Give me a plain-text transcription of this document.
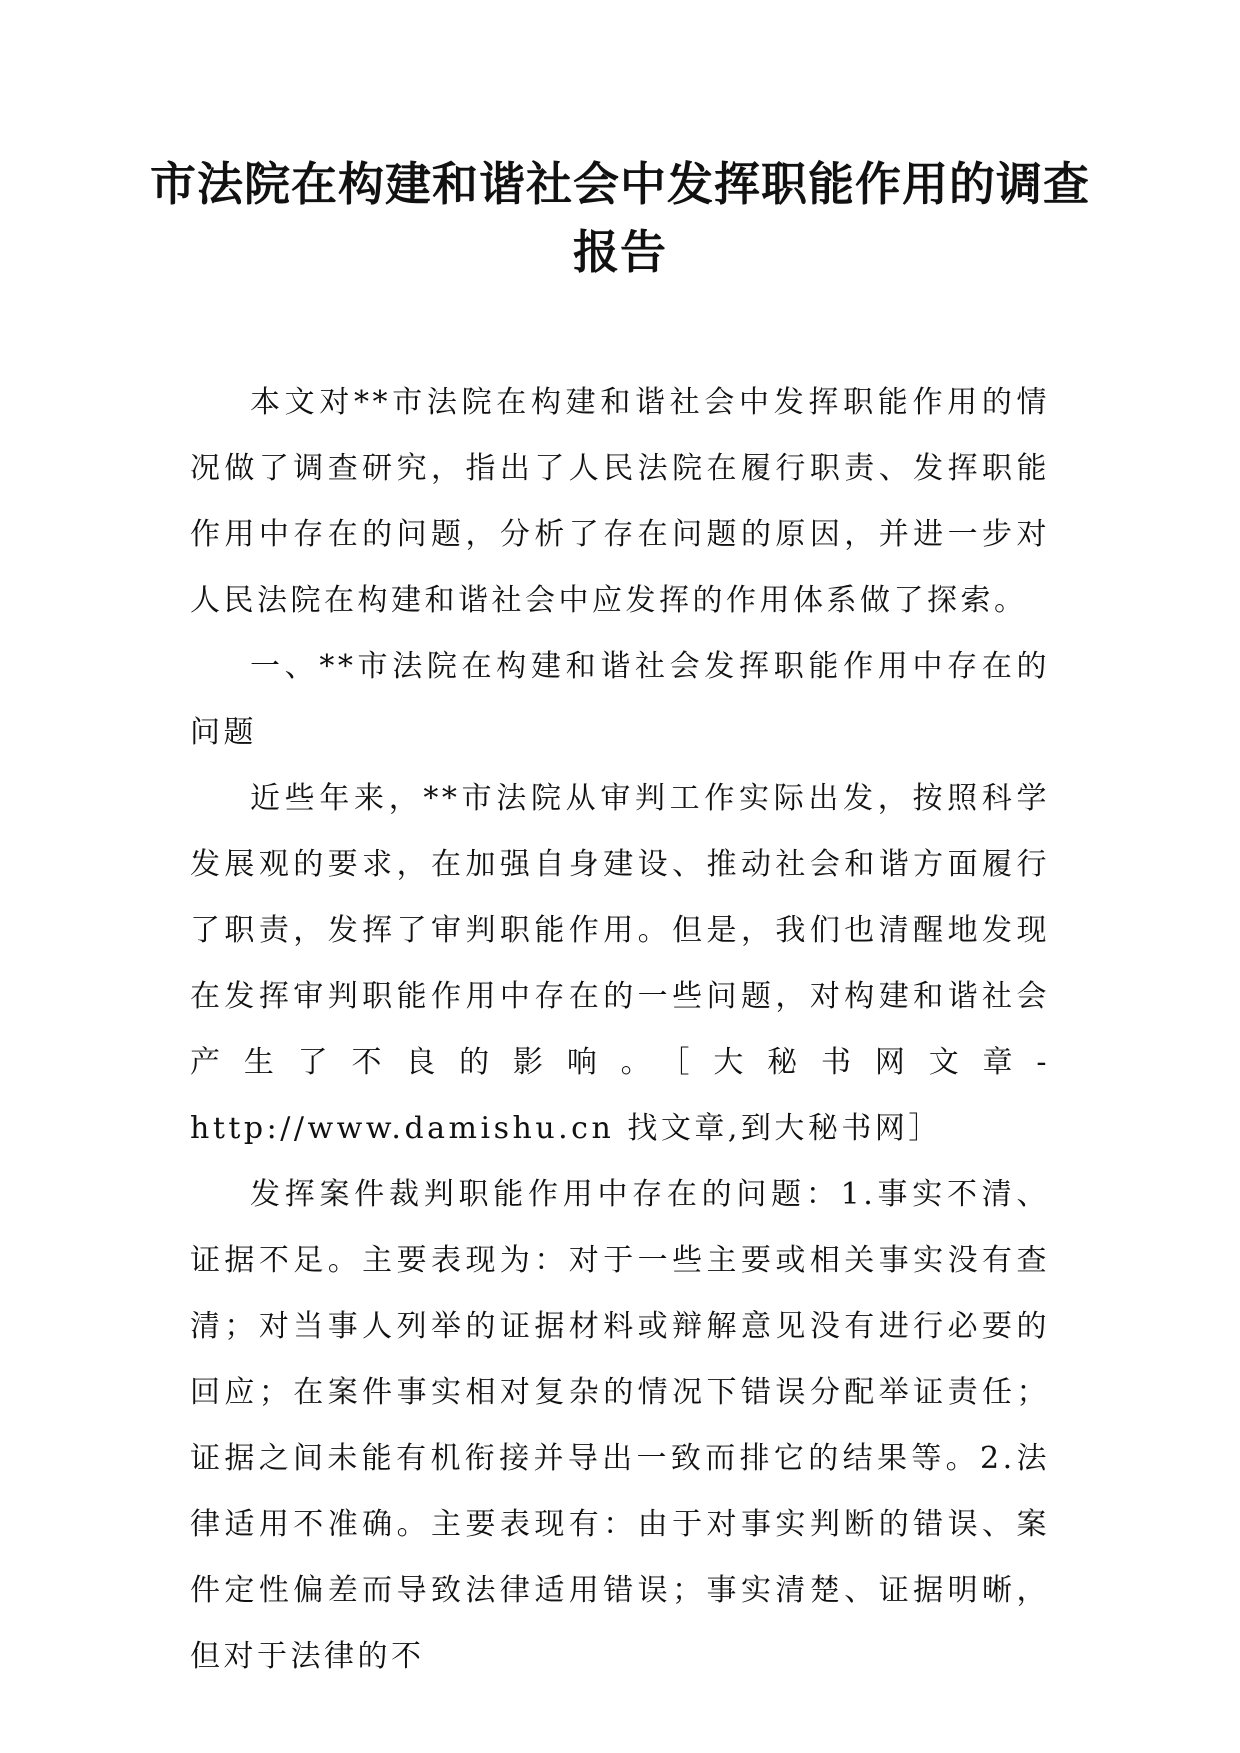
市法院在构建和谐社会中发挥职能作用的调查报告

本文对**市法院在构建和谐社会中发挥职能作用的情况做了调查研究，指出了人民法院在履行职责、发挥职能作用中存在的问题，分析了存在问题的原因，并进一步对人民法院在构建和谐社会中应发挥的作用体系做了探索。

一、**市法院在构建和谐社会发挥职能作用中存在的问题

近些年来，**市法院从审判工作实际出发，按照科学发展观的要求，在加强自身建设、推动社会和谐方面履行了职责，发挥了审判职能作用。但是，我们也清醒地发现在发挥审判职能作用中存在的一些问题，对构建和谐社会产生了不良的影响。［大秘书网文章-http://www.damishu.cn 找文章,到大秘书网］

发挥案件裁判职能作用中存在的问题：1.事实不清、证据不足。主要表现为：对于一些主要或相关事实没有查清；对当事人列举的证据材料或辩解意见没有进行必要的回应；在案件事实相对复杂的情况下错误分配举证责任；证据之间未能有机衔接并导出一致而排它的结果等。2.法律适用不准确。主要表现有：由于对事实判断的错误、案件定性偏差而导致法律适用错误；事实清楚、证据明晰，但对于法律的不
